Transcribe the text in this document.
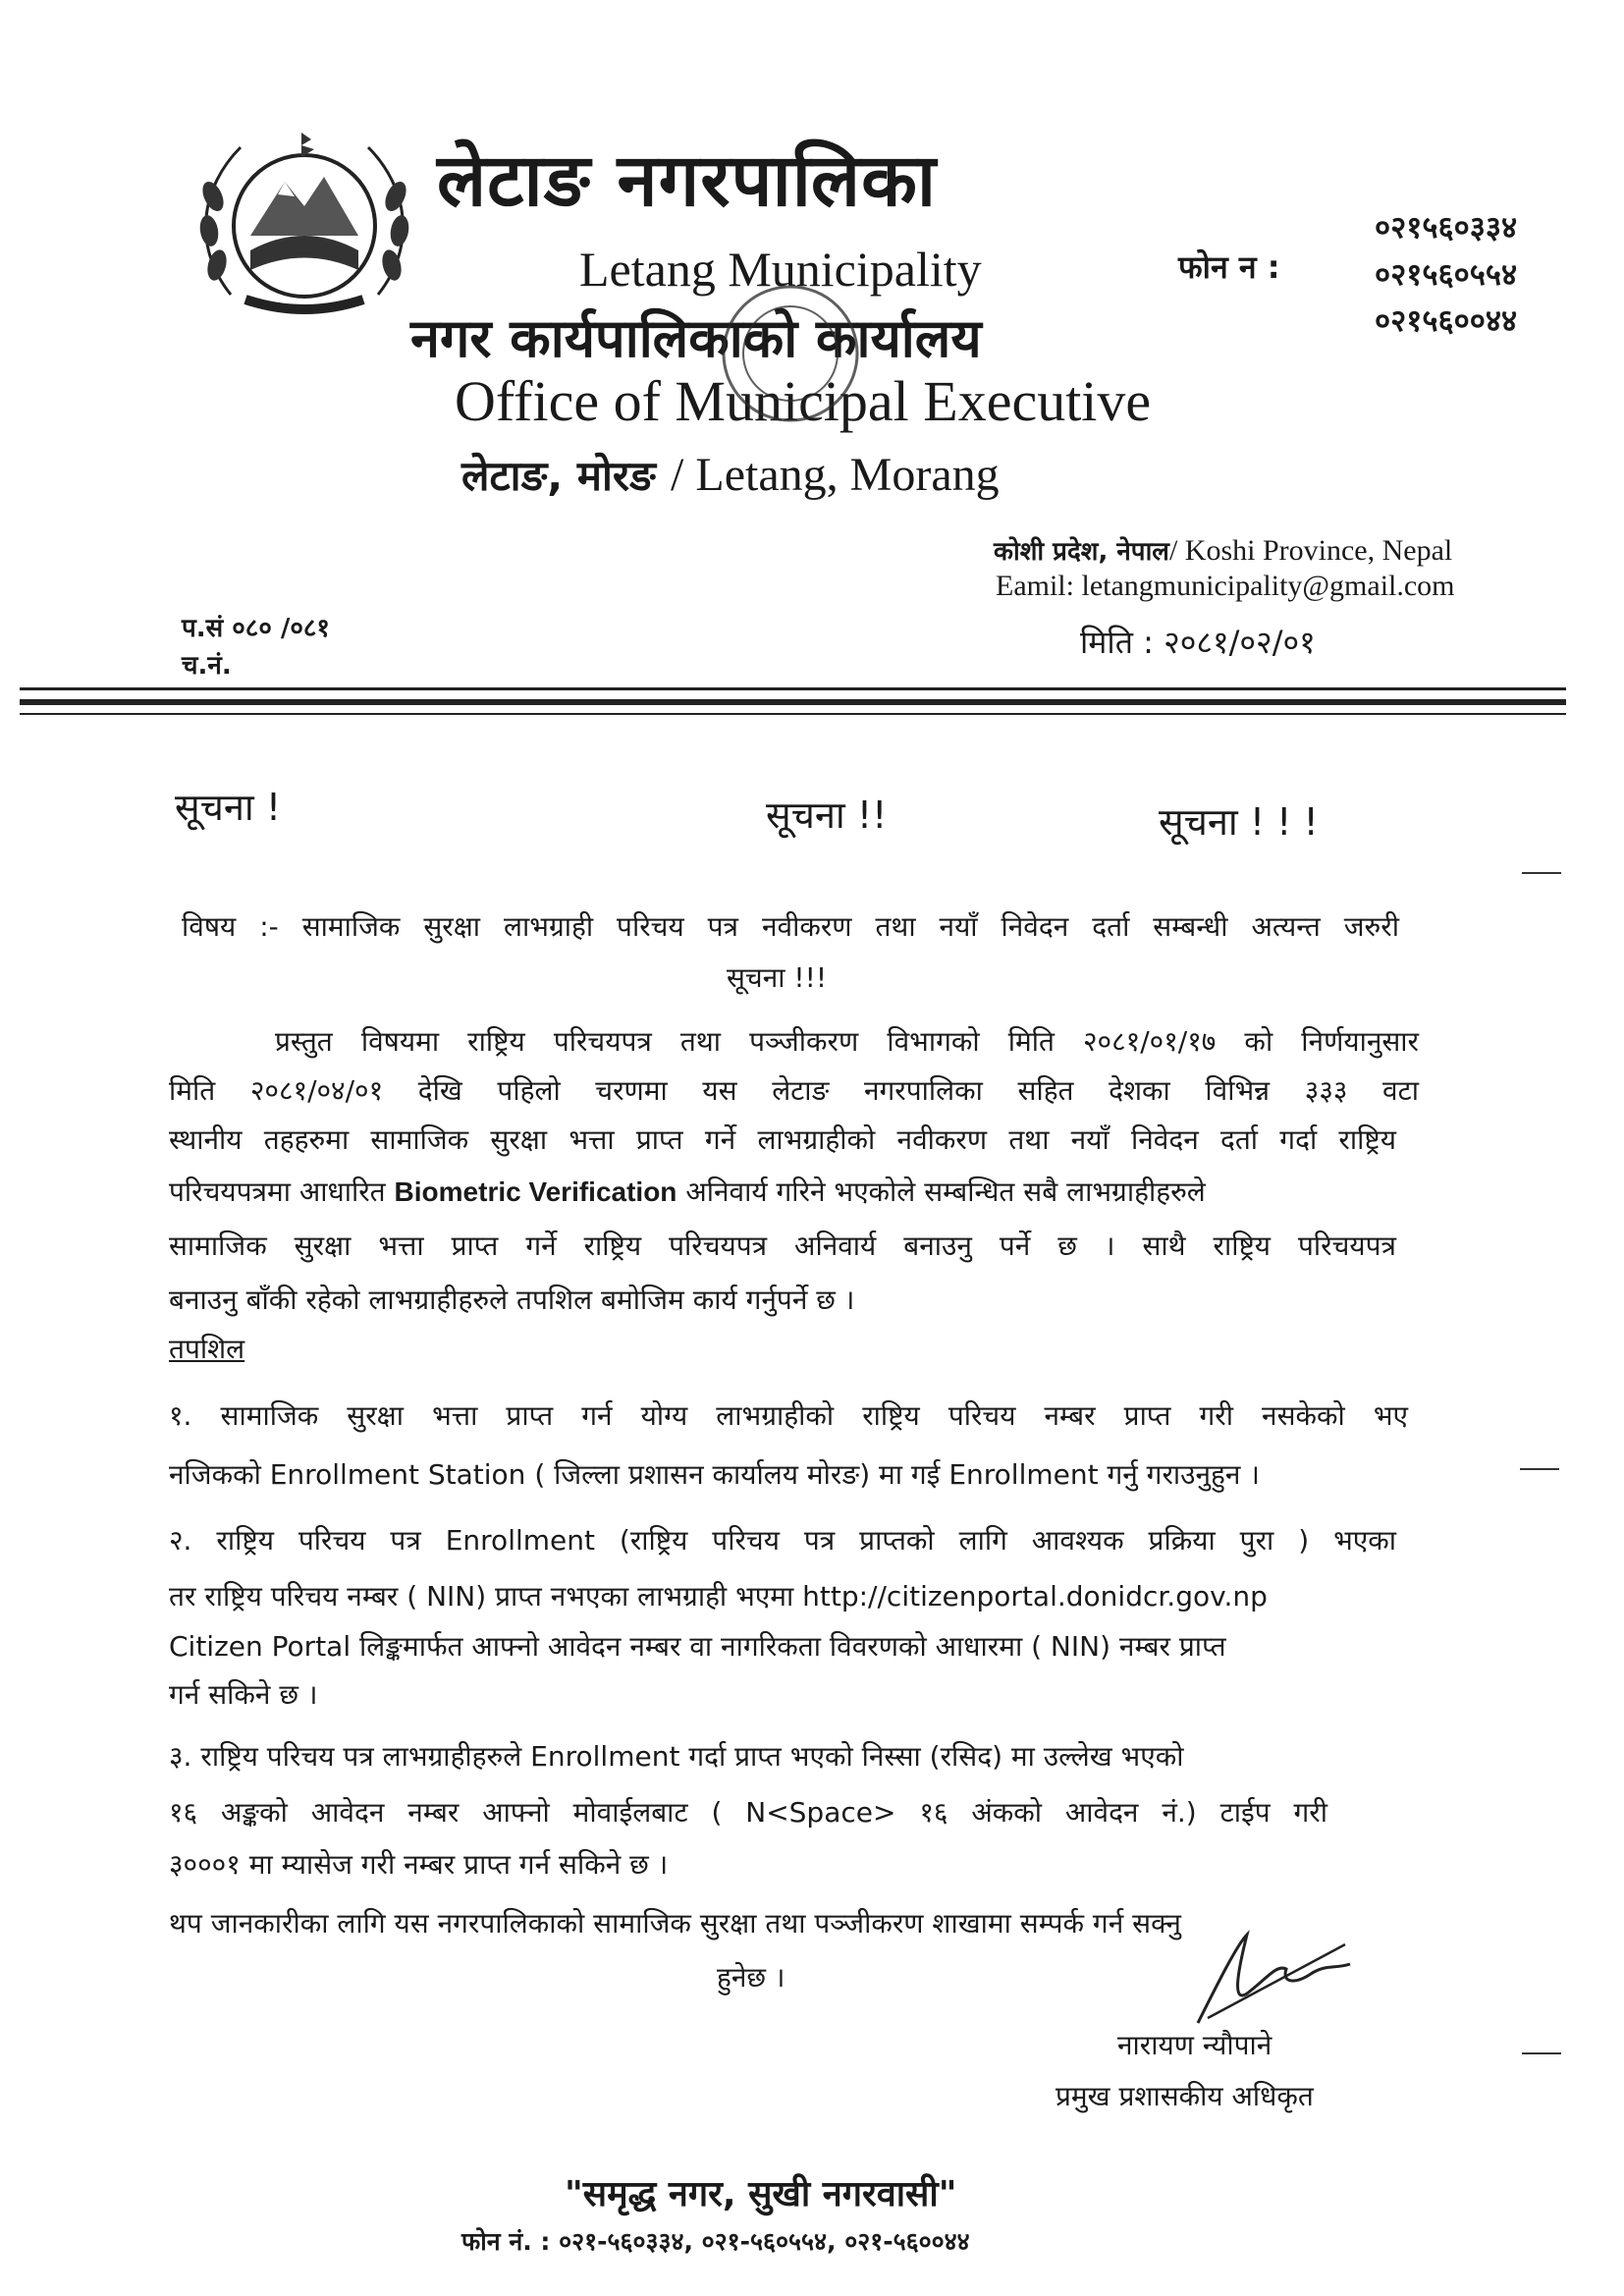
लेटाङ नगरपालिका
Letang Municipality
नगर कार्यपालिकाको कार्यालय
Office of Municipal Executive
लेटाङ, मोरङ / Letang, Morang
फोन न :
०२१५६०३३४
०२१५६०५५४
०२१५६००४४
कोशी प्रदेश, नेपाल/ Koshi Province, Nepal
Eamil: letangmunicipality@gmail.com
प.सं ०८० /०८१
च.नं.
मिति : २०८१/०२/०१
सूचना !	सूचना !!	सूचना ! ! !
विषय :- सामाजिक सुरक्षा लाभग्राही परिचय पत्र नवीकरण तथा नयाँ निवेदन दर्ता सम्बन्धी अत्यन्त जरुरी
सूचना !!!
प्रस्तुत विषयमा राष्ट्रिय परिचयपत्र तथा पञ्जीकरण विभागको मिति २०८१/०१/१७ को निर्णयानुसार
मिति २०८१/०४/०१ देखि पहिलो चरणमा यस लेटाङ नगरपालिका सहित देशका विभिन्न ३३३ वटा
स्थानीय तहहरुमा सामाजिक सुरक्षा भत्ता प्राप्त गर्ने लाभग्राहीको नवीकरण तथा नयाँ निवेदन दर्ता गर्दा राष्ट्रिय
परिचयपत्रमा आधारित Biometric Verification अनिवार्य गरिने भएकोले सम्बन्धित सबै लाभग्राहीहरुले
सामाजिक सुरक्षा भत्ता प्राप्त गर्ने राष्ट्रिय परिचयपत्र अनिवार्य बनाउनु पर्ने छ । साथै राष्ट्रिय परिचयपत्र
बनाउनु बाँकी रहेको लाभग्राहीहरुले तपशिल बमोजिम कार्य गर्नुपर्ने छ ।
तपशिल
१. सामाजिक सुरक्षा भत्ता प्राप्त गर्न योग्य लाभग्राहीको राष्ट्रिय परिचय नम्बर प्राप्त गरी नसकेको भए
नजिकको Enrollment Station ( जिल्ला प्रशासन कार्यालय मोरङ) मा गई Enrollment गर्नु गराउनुहुन ।
२. राष्ट्रिय परिचय पत्र Enrollment (राष्ट्रिय परिचय पत्र प्राप्तको लागि आवश्यक प्रक्रिया पुरा ) भएका
तर राष्ट्रिय परिचय नम्बर ( NIN) प्राप्त नभएका लाभग्राही भएमा http://citizenportal.donidcr.gov.np
Citizen Portal लिङ्कमार्फत आफ्नो आवेदन नम्बर वा नागरिकता विवरणको आधारमा ( NIN) नम्बर प्राप्त
गर्न सकिने छ ।
३. राष्ट्रिय परिचय पत्र लाभग्राहीहरुले Enrollment गर्दा प्राप्त भएको निस्सा (रसिद) मा उल्लेख भएको
१६ अङ्कको आवेदन नम्बर आफ्नो मोवाईलबाट ( N<Space> १६ अंकको आवेदन नं.) टाईप गरी
३०००१ मा म्यासेज गरी नम्बर प्राप्त गर्न सकिने छ ।
थप जानकारीका लागि यस नगरपालिकाको सामाजिक सुरक्षा तथा पञ्जीकरण शाखामा सम्पर्क गर्न सक्नु
हुनेछ ।
नारायण न्यौपाने
प्रमुख प्रशासकीय अधिकृत
"समृद्ध नगर, सुखी नगरवासी"
फोन नं. : ०२१-५६०३३४, ०२१-५६०५५४, ०२१-५६००४४
